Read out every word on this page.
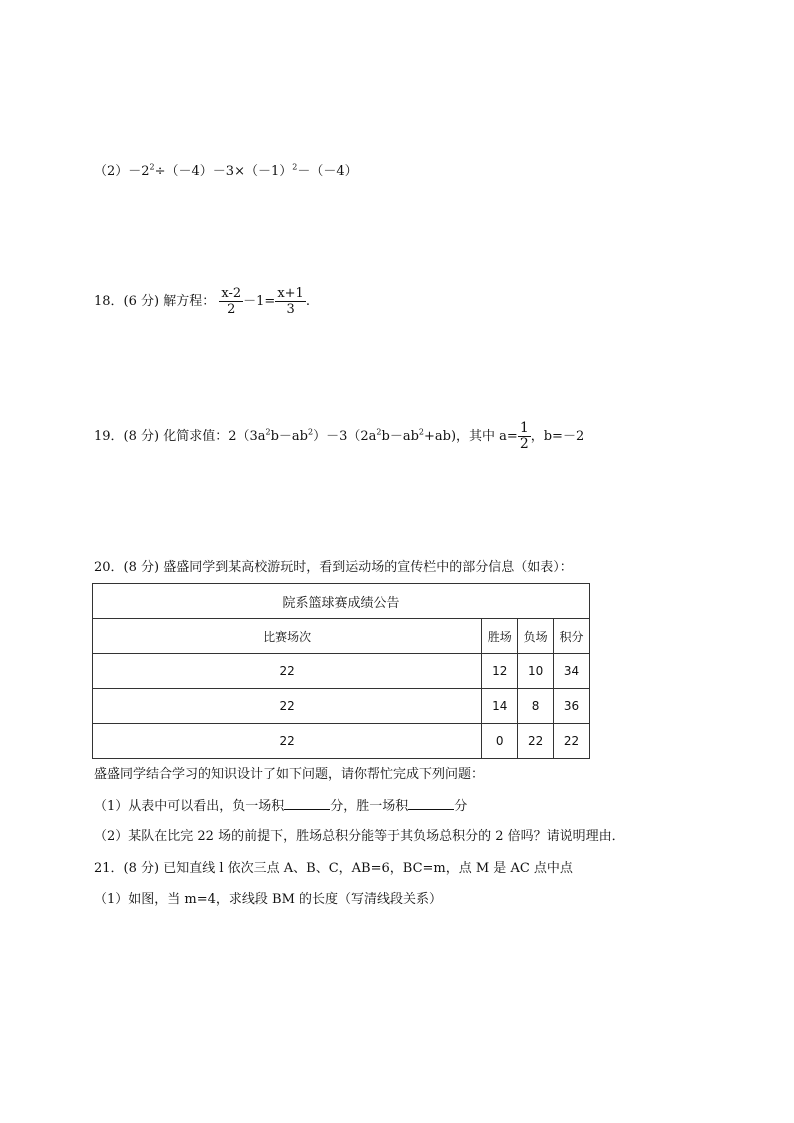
$(2)-2^2\div(-4)-3\times(-1)^2-(-4)$
18．(6 分) 解方程： $\frac{x-2}{2} -1= \frac{x+1}{3}$ .
19．(8 分) 化简求值：$2(3a^2b-ab^2)-3(2a^2b-ab^2+ab)$，其中 $a= \frac{1}{2}$ ，b=－2
20．(8 分) 盛盛同学到某高校游玩时，看到运动场的宣传栏中的部分信息（如表）：
院系篮球赛成绩公告			
比赛场次	胜场	负场	积分
22	12	10	34
22	14	8	36
22	0	22	22
盛盛同学结合学习的知识设计了如下问题，请你帮忙完成下列问题：
（1）从表中可以看出，负一场积	分，胜一场积	分
（2）某队在比完 22 场的前提下，胜场总积分能等于其负场总积分的 2 倍吗？请说明理由．
21．(8 分) 已知直线 l 依次三点 A、B、C，AB=6，BC=m，点 M 是 AC 点中点
（1）如图，当 m=4，求线段 BM 的长度（写清线段关系）
